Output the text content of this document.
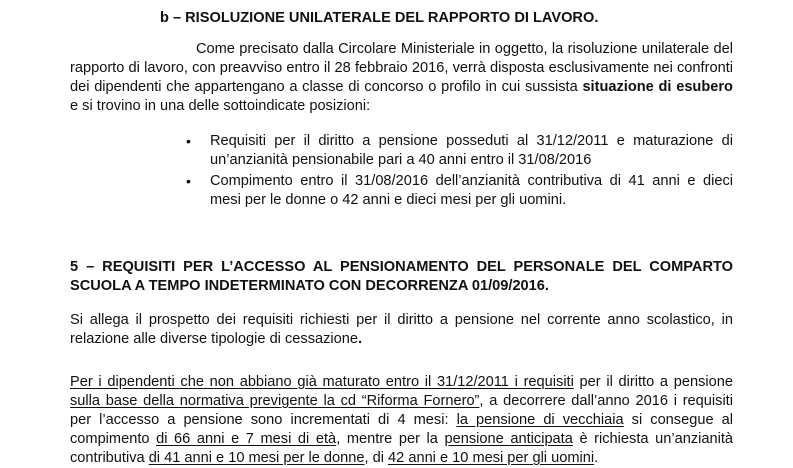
b – RISOLUZIONE UNILATERALE DEL RAPPORTO DI LAVORO.

Come precisato dalla Circolare Ministeriale in oggetto, la risoluzione unilaterale del rapporto di lavoro, con preavviso entro il 28 febbraio 2016, verrà disposta esclusivamente nei confronti dei dipendenti che appartengano a classe di concorso o profilo in cui sussista situazione di esubero e si trovino in una delle sottoindicate posizioni:

• Requisiti per il diritto a pensione posseduti al 31/12/2011 e maturazione di un’anzianità pensionabile pari a 40 anni entro il 31/08/2016
• Compimento entro il 31/08/2016 dell’anzianità contributiva di 41 anni e dieci mesi per le donne o 42 anni e dieci mesi per gli uomini.

5 – REQUISITI PER L’ACCESSO AL PENSIONAMENTO DEL PERSONALE DEL COMPARTO SCUOLA A TEMPO INDETERMINATO CON DECORRENZA 01/09/2016.

Si allega il prospetto dei requisiti richiesti per il diritto a pensione nel corrente anno scolastico, in relazione alle diverse tipologie di cessazione.

Per i dipendenti che non abbiano già maturato entro il 31/12/2011 i requisiti per il diritto a pensione sulla base della normativa previgente la cd “Riforma Fornero”, a decorrere dall’anno 2016 i requisiti per l’accesso a pensione sono incrementati di 4 mesi: la pensione di vecchiaia si consegue al compimento di 66 anni e 7 mesi di età, mentre per la pensione anticipata è richiesta un’anzianità contributiva di 41 anni e 10 mesi per le donne, di 42 anni e 10 mesi per gli uomini.
